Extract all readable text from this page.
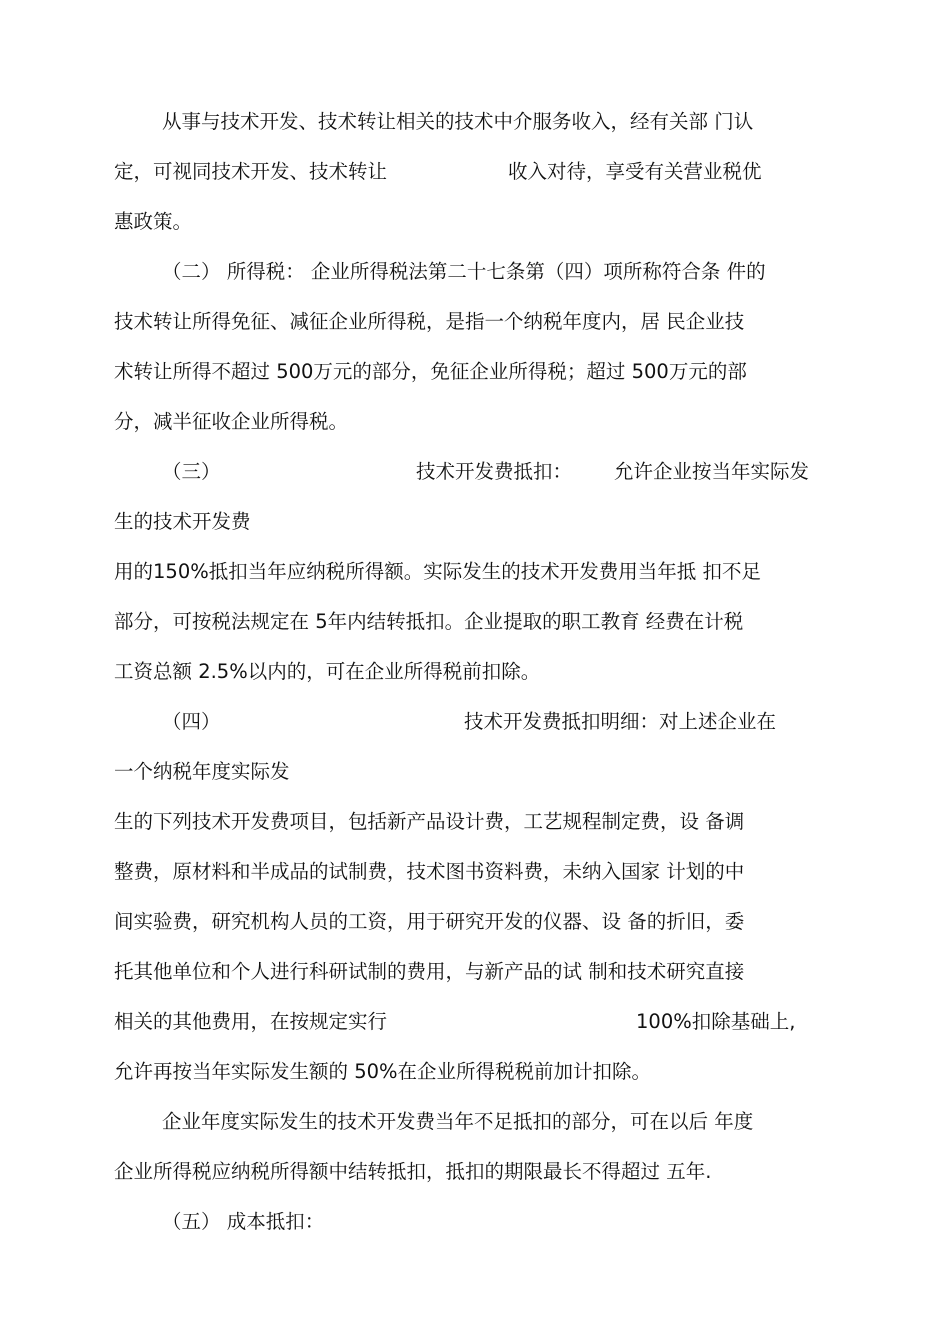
从事与技术开发、技术转让相关的技术中介服务收入，经有关部 门认
定，可视同技术开发、技术转让	收入对待，享受有关营业税优
惠政策。
（二） 所得税： 企业所得税法第二十七条第（四）项所称符合条 件的
技术转让所得免征、减征企业所得税，是指一个纳税年度内，居 民企业技
术转让所得不超过 500万元的部分，免征企业所得税；超过 500万元的部
分，减半征收企业所得税。
（三）	技术开发费抵扣： 允许企业按当年实际发
生的技术开发费
用的150%抵扣当年应纳税所得额。实际发生的技术开发费用当年抵 扣不足
部分，可按税法规定在 5年内结转抵扣。企业提取的职工教育 经费在计税
工资总额 2.5%以内的，可在企业所得税前扣除。
（四）	技术开发费抵扣明细：对上述企业在
一个纳税年度实际发
生的下列技术开发费项目，包括新产品设计费，工艺规程制定费，设 备调
整费，原材料和半成品的试制费，技术图书资料费，未纳入国家 计划的中
间实验费，研究机构人员的工资，用于研究开发的仪器、设 备的折旧，委
托其他单位和个人进行科研试制的费用，与新产品的试 制和技术研究直接
相关的其他费用，在按规定实行	100%扣除基础上,
允许再按当年实际发生额的 50%在企业所得税税前加计扣除。
企业年度实际发生的技术开发费当年不足抵扣的部分，可在以后 年度
企业所得税应纳税所得额中结转抵扣，抵扣的期限最长不得超过 五年.
（五） 成本抵扣：
